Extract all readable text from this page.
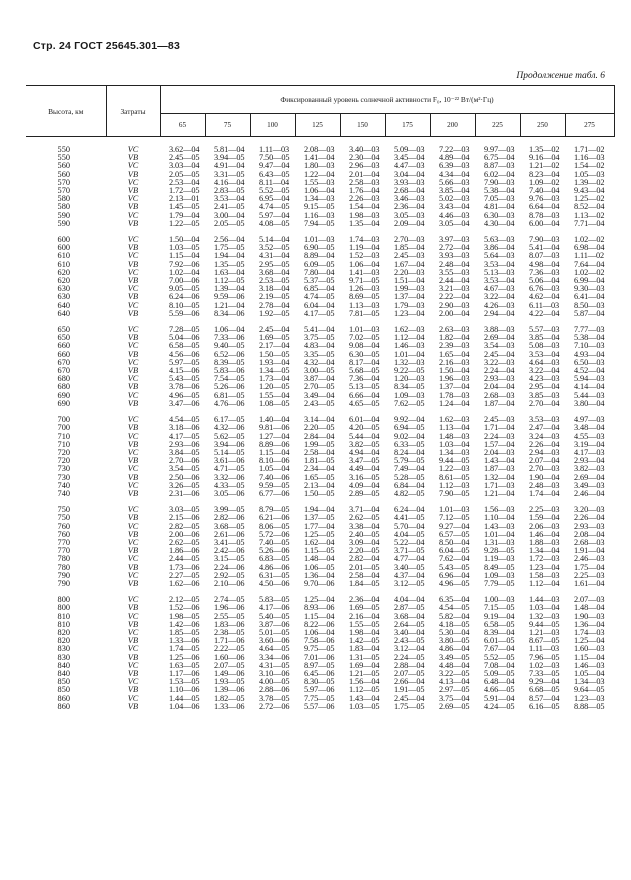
Стр. 24 ГОСТ 25645.301—83
Продолжение табл. 6
Высота, км	Затраты	Фиксированный уровень солнечной активности F₀, 10⁻²² Вт/(м²·Гц)									
		65	75	100	125	150	175	200	225	250	275

550	VC	3.62—04	5.81—04	1.11—03	2.08—03	3.40—03	5.09—03	7.22—03	9.97—03	1.35—02	1.71—02
550	VB	2.45—05	3.94—05	7.50—05	1.41—04	2.30—04	3.45—04	4.89—04	6.75—04	9.16—04	1.16—03
560	VC	3.03—04	4.91—04	9.47—04	1.80—03	2.96—03	4.47—03	6.39—03	8.87—03	1.21—02	1.54—02
560	VB	2.05—05	3.31—05	6.43—05	1.22—04	2.01—04	3.04—04	4.34—04	6.02—04	8.23—04	1.05—03
570	VC	2.53—04	4.16—04	8.11—04	1.55—03	2.58—03	3.93—03	5.66—03	7.90—03	1.09—02	1.39—02
570	VB	1.72—05	2.83—05	5.52—05	1.06—04	1.76—04	2.68—04	3.85—04	5.38—04	7.40—04	9.43—04
580	VC	2.13—01	3.53—04	6.95—04	1.34—03	2.26—03	3.46—03	5.02—03	7.05—03	9.76—03	1.25—02
580	VB	1.45—05	2.41—05	4.74—05	9.15—05	1.54—04	2.36—04	3.43—04	4.81—04	6.64—04	8.52—04
590	VC	1.79—04	3.00—04	5.97—04	1.16—03	1.98—03	3.05—03	4.46—03	6.30—03	8.78—03	1.13—02
590	VB	1.22—05	2.05—05	4.08—05	7.94—05	1.35—04	2.09—04	3.05—04	4.30—04	6.00—04	7.71—04

600	VC	1.50—04	2.56—04	5.14—04	1.01—03	1.74—03	2.70—03	3.97—03	5.63—03	7.90—03	1.02—02
600	VB	1.03—05	1.75—05	3.52—05	6.90—05	1.19—04	1.85—04	2.72—04	3.86—04	5.41—04	6.98—04
610	VC	1.15—04	1.94—04	4.31—04	8.89—04	1.52—03	2.45—03	3.93—03	5.64—03	8.07—03	1.11—02
610	VB	7.92—06	1.35—05	2.95—05	6.09—05	1.06—04	1.67—04	2.48—04	3.53—04	4.98—04	7.64—04
620	VC	1.02—04	1.63—04	3.68—04	7.80—04	1.41—03	2.20—03	3.55—03	5.13—03	7.36—03	1.02—02
620	VB	7.00—06	1.12—05	2.53—05	5.37—05	9.71—05	1.51—04	2.44—04	3.53—04	5.06—04	6.99—04
630	VC	9.05—05	1.39—04	3.18—04	6.85—04	1.26—03	1.99—03	3.21—03	4.67—03	6.76—03	9.30—03
630	VB	6.24—06	9.59—06	2.19—05	4.74—05	8.69—05	1.37—04	2.22—04	3.22—04	4.62—04	6.41—04
640	VC	8.10—05	1.21—04	2.78—04	6.04—04	1.13—03	1.79—03	2.90—03	4.26—03	6.11—03	8.50—03
640	VB	5.59—06	8.34—06	1.92—05	4.17—05	7.81—05	1.23—04	2.00—04	2.94—04	4.22—04	5.87—04

650	VC	7.28—05	1.06—04	2.45—04	5.41—04	1.01—03	1.62—03	2.63—03	3.88—03	5.57—03	7.77—03
650	VB	5.04—06	7.33—06	1.69—05	3.75—05	7.02—05	1.12—04	1.82—04	2.69—04	3.85—04	5.38—04
660	VC	6.58—05	9.40—05	2.17—04	4.83—04	9.08—04	1.46—03	2.39—03	3.54—03	5.08—03	7.10—03
660	VB	4.56—06	6.52—06	1.50—05	3.35—05	6.30—05	1.01—04	1.65—04	2.45—04	3.53—04	4.93—04
670	VC	5.97—05	8.39—05	1.93—04	4.32—04	8.17—04	1.32—03	2.16—03	3.22—03	4.64—03	6.50—03
670	VB	4.15—06	5.83—06	1.34—05	3.00—05	5.68—05	9.22—05	1.50—04	2.24—04	3.22—04	4.52—04
680	VC	5.43—05	7.54—05	1.73—04	3.87—04	7.36—04	1.20—03	1.96—03	2.93—03	4.23—03	5.94—03
680	VB	3.78—06	5.26—06	1.20—05	2.70—05	5.13—05	8.34—05	1.37—04	2.04—04	2.95—04	4.14—04
690	VC	4.96—05	6.81—05	1.55—04	3.49—04	6.66—04	1.09—03	1.78—03	2.68—03	3.85—03	5.44—03
690	VB	3.47—06	4.76—06	1.08—05	2.43—05	4.65—05	7.62—05	1.24—04	1.87—04	2.70—04	3.80—04

700	VC	4.54—05	6.17—05	1.40—04	3.14—04	6.01—04	9.92—04	1.62—03	2.45—03	3.53—03	4.97—03
700	VB	3.18—06	4.32—06	9.81—06	2.20—05	4.20—05	6.94—05	1.13—04	1.71—04	2.47—04	3.48—04
710	VC	4.17—05	5.62—05	1.27—04	2.84—04	5.44—04	9.02—04	1.48—03	2.24—03	3.24—03	4.55—03
710	VB	2.93—06	3.94—06	8.89—06	1.99—05	3.82—05	6.33—05	1.03—04	1.57—04	2.26—04	3.19—04
720	VC	3.84—05	5.14—05	1.15—04	2.58—04	4.94—04	8.24—04	1.34—03	2.04—03	2.94—03	4.17—03
720	VB	2.70—06	3.61—06	8.10—06	1.81—05	3.47—05	5.79—05	9.44—05	1.43—04	2.07—04	2.93—04
730	VC	3.54—05	4.71—05	1.05—04	2.34—04	4.49—04	7.49—04	1.22—03	1.87—03	2.70—03	3.82—03
730	VB	2.50—06	3.32—06	7.40—06	1.65—05	3.16—05	5.28—05	8.61—05	1.32—04	1.90—04	2.69—04
740	VC	3.26—05	4.33—05	9.59—05	2.13—04	4.09—04	6.84—04	1.12—03	1.71—03	2.48—03	3.49—03
740	VB	2.31—06	3.05—06	6.77—06	1.50—05	2.89—05	4.82—05	7.90—05	1.21—04	1.74—04	2.46—04

750	VC	3.03—05	3.99—05	8.79—05	1.94—04	3.71—04	6.24—04	1.01—03	1.56—03	2.25—03	3.20—03
750	VB	2.15—06	2.82—06	6.21—06	1.37—05	2.62—05	4.41—05	7.12—05	1.10—04	1.59—04	2.26—04
760	VC	2.82—05	3.68—05	8.06—05	1.77—04	3.38—04	5.70—04	9.27—04	1.43—03	2.06—03	2.93—03
760	VB	2.00—06	2.61—06	5.72—06	1.25—05	2.40—05	4.04—05	6.57—05	1.01—04	1.46—04	2.08—04
770	VC	2.62—05	3.41—05	7.40—05	1.62—04	3.09—04	5.22—04	8.50—04	1.31—03	1.88—03	2.68—03
770	VB	1.86—06	2.42—06	5.26—06	1.15—05	2.20—05	3.71—05	6.04—05	9.28—05	1.34—04	1.91—04
780	VC	2.44—05	3.15—05	6.83—05	1.48—04	2.82—04	4.77—04	7.62—04	1.19—03	1.72—03	2.46—03
780	VB	1.73—06	2.24—06	4.86—06	1.06—05	2.01—05	3.40—05	5.43—05	8.49—05	1.23—04	1.75—04
790	VC	2.27—05	2.92—05	6.31—05	1.36—04	2.58—04	4.37—04	6.96—04	1.09—03	1.58—03	2.25—03
790	VB	1.62—06	2.10—06	4.50—06	9.70—06	1.84—05	3.12—05	4.96—05	7.79—05	1.12—04	1.61—04

800	VC	2.12—05	2.74—05	5.83—05	1.25—04	2.36—04	4.04—04	6.35—04	1.00—03	1.44—03	2.07—03
800	VB	1.52—06	1.96—06	4.17—06	8.93—06	1.69—05	2.87—05	4.54—05	7.15—05	1.03—04	1.48—04
810	VC	1.98—05	2.55—05	5.40—05	1.15—04	2.16—04	3.68—04	5.82—04	9.19—04	1.32—03	1.90—03
810	VB	1.42—06	1.83—06	3.87—06	8.22—06	1.55—05	2.64—05	4.18—05	6.58—05	9.44—05	1.36—04
820	VC	1.85—05	2.38—05	5.01—05	1.06—04	1.98—04	3.40—04	5.30—04	8.39—04	1.21—03	1.74—03
820	VB	1.33—06	1.71—06	3.60—06	7.58—06	1.42—05	2.43—05	3.80—05	6.01—05	8.67—05	1.25—04
830	VC	1.74—05	2.22—05	4.64—05	9.75—05	1.83—04	3.12—04	4.86—04	7.67—04	1.11—03	1.60—03
830	VB	1.25—06	1.60—06	3.34—06	7.01—06	1.31—05	2.24—05	3.49—05	5.52—05	7.96—05	1.15—04
840	VC	1.63—05	2.07—05	4.31—05	8.97—05	1.69—04	2.88—04	4.48—04	7.08—04	1.02—03	1.46—03
840	VB	1.17—06	1.49—06	3.10—06	6.45—06	1.21—05	2.07—05	3.22—05	5.09—05	7.33—05	1.05—04
850	VC	1.53—05	1.93—05	4.00—05	8.30—05	1.56—04	2.66—04	4.13—04	6.48—04	9.29—04	1.34—03
850	VB	1.10—06	1.39—06	2.88—06	5.97—06	1.12—05	1.91—05	2.97—05	4.66—05	6.68—05	9.64—05
860	VC	1.44—05	1.82—05	3.78—05	7.75—05	1.43—04	2.45—04	3.75—04	5.91—04	8.57—04	1.23—03
860	VB	1.04—06	1.33—06	2.72—06	5.57—06	1.03—05	1.75—05	2.69—05	4.24—05	6.16—05	8.88—05
